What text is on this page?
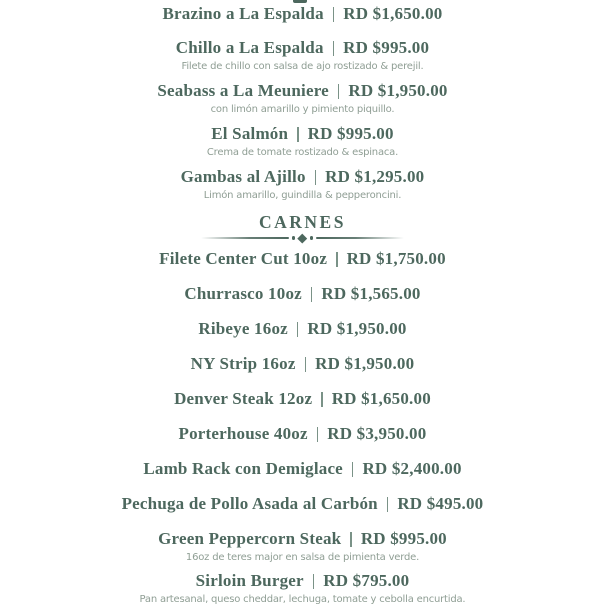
Brazino a La Espalda RD $1,650.00
Chillo a La Espalda RD $995.00
Filete de chillo con salsa de ajo rostizado & perejil.
Seabass a La Meuniere RD $1,950.00
con limón amarillo y pimiento piquillo.
El Salmón RD $995.00
Crema de tomate rostizado & espinaca.
Gambas al Ajillo RD $1,295.00
Limón amarillo, guindilla & pepperoncini.
CARNES
Filete Center Cut 10oz RD $1,750.00
Churrasco 10oz RD $1,565.00
Ribeye 16oz RD $1,950.00
NY Strip 16oz RD $1,950.00
Denver Steak 12oz RD $1,650.00
Porterhouse 40oz RD $3,950.00
Lamb Rack con Demiglace RD $2,400.00
Pechuga de Pollo Asada al Carbón RD $495.00
Green Peppercorn Steak RD $995.00
16oz de teres major en salsa de pimienta verde.
Sirloin Burger RD $795.00
Pan artesanal, queso cheddar, lechuga, tomate y cebolla encurtida.
